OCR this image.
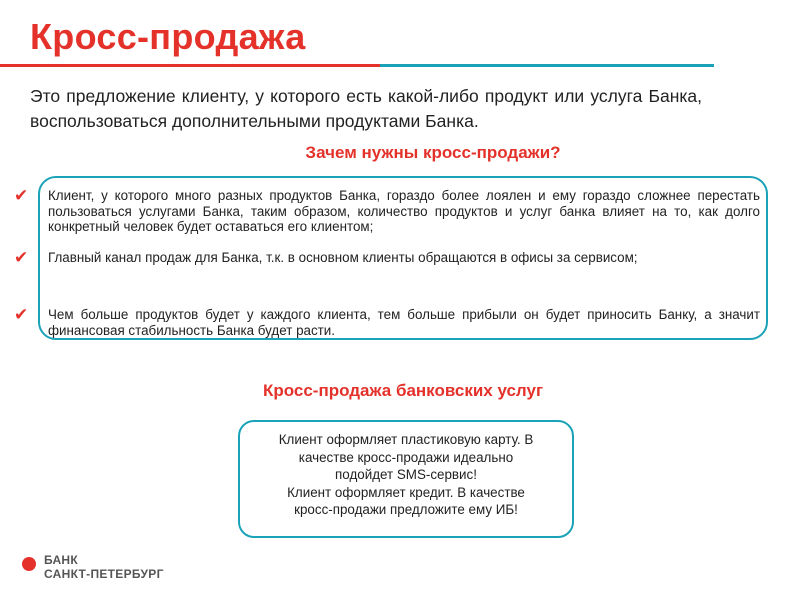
Кросс-продажа
Это предложение клиенту, у которого есть какой-либо продукт или услуга Банка, воспользоваться дополнительными продуктами Банка.
Зачем нужны кросс-продажи?
✔ Клиент, у которого много разных продуктов Банка, гораздо более лоялен и ему гораздо сложнее перестать пользоваться услугами Банка, таким образом, количество продуктов и услуг банка влияет на то, как долго конкретный человек будет оставаться его клиентом;
✔ Главный канал продаж для Банка, т.к. в основном клиенты обращаются в офисы за сервисом;
✔ Чем больше продуктов будет у каждого клиента, тем больше прибыли он будет приносить Банку, а значит финансовая стабильность Банка будет расти.
Кросс-продажа банковских услуг
Клиент оформляет пластиковую карту. В
качестве кросс-продажи идеально
подойдет SMS-сервис!
Клиент оформляет кредит. В качестве
кросс-продажи предложите ему ИБ!
БАНК
САНКТ-ПЕТЕРБУРГ
